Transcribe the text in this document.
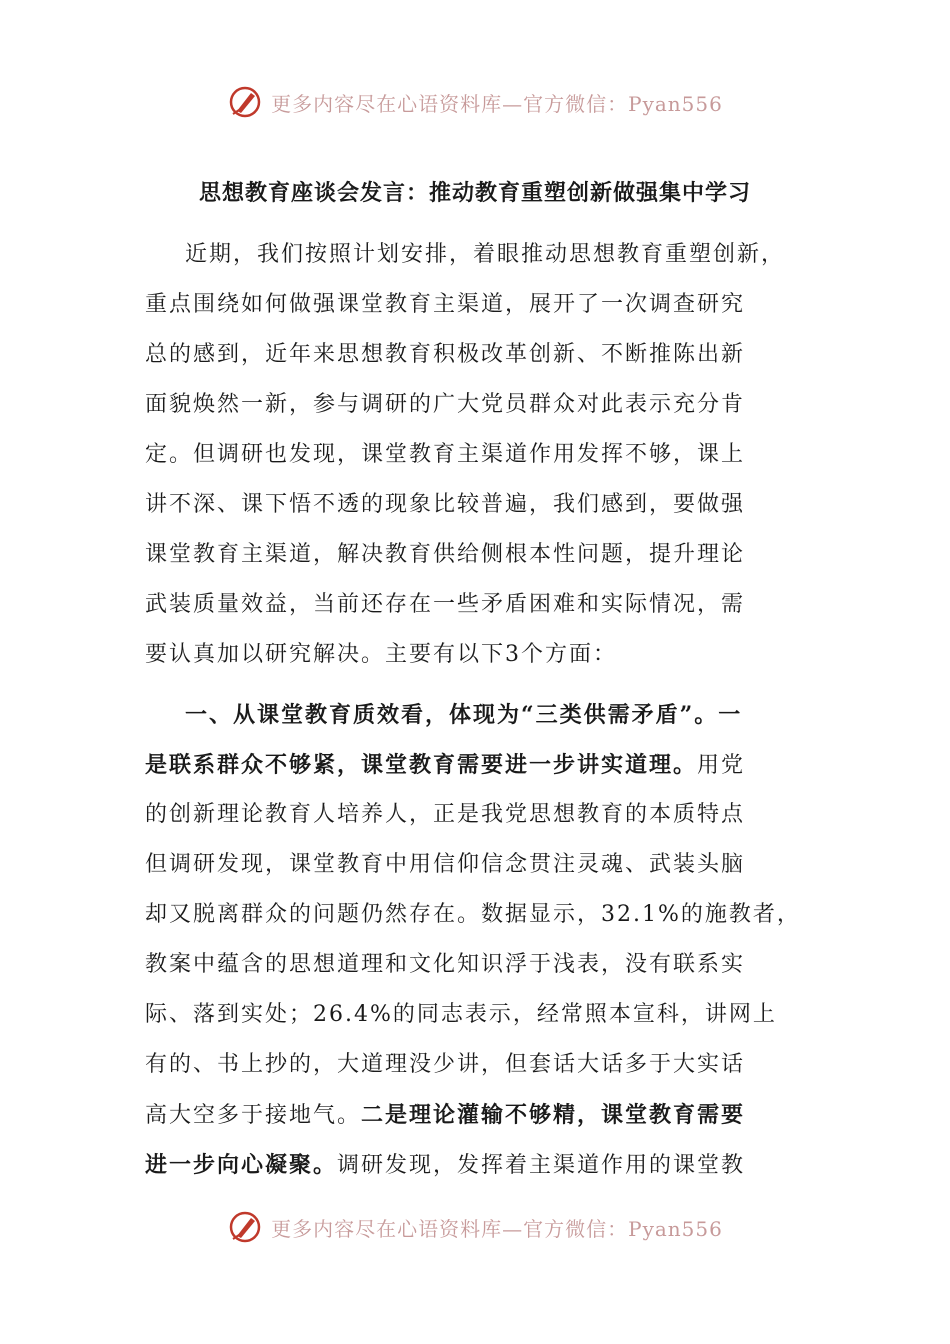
更多内容尽在心语资料库—官方微信：Pyan556
思想教育座谈会发言：推动教育重塑创新做强集中学习
近期，我们按照计划安排，着眼推动思想教育重塑创新，
重点围绕如何做强课堂教育主渠道，展开了一次调查研究
总的感到，近年来思想教育积极改革创新、不断推陈出新
面貌焕然一新，参与调研的广大党员群众对此表示充分肯
定。但调研也发现，课堂教育主渠道作用发挥不够，课上
讲不深、课下悟不透的现象比较普遍，我们感到，要做强
课堂教育主渠道，解决教育供给侧根本性问题，提升理论
武装质量效益，当前还存在一些矛盾困难和实际情况，需
要认真加以研究解决。主要有以下3个方面：
一、从课堂教育质效看，体现为“三类供需矛盾”。一
是联系群众不够紧，课堂教育需要进一步讲实道理。用党
的创新理论教育人培养人，正是我党思想教育的本质特点
但调研发现，课堂教育中用信仰信念贯注灵魂、武装头脑
却又脱离群众的问题仍然存在。数据显示，32.1%的施教者，
教案中蕴含的思想道理和文化知识浮于浅表，没有联系实
际、落到实处；26.4%的同志表示，经常照本宣科，讲网上
有的、书上抄的，大道理没少讲，但套话大话多于大实话
高大空多于接地气。二是理论灌输不够精，课堂教育需要
进一步向心凝聚。调研发现，发挥着主渠道作用的课堂教
更多内容尽在心语资料库—官方微信：Pyan556
